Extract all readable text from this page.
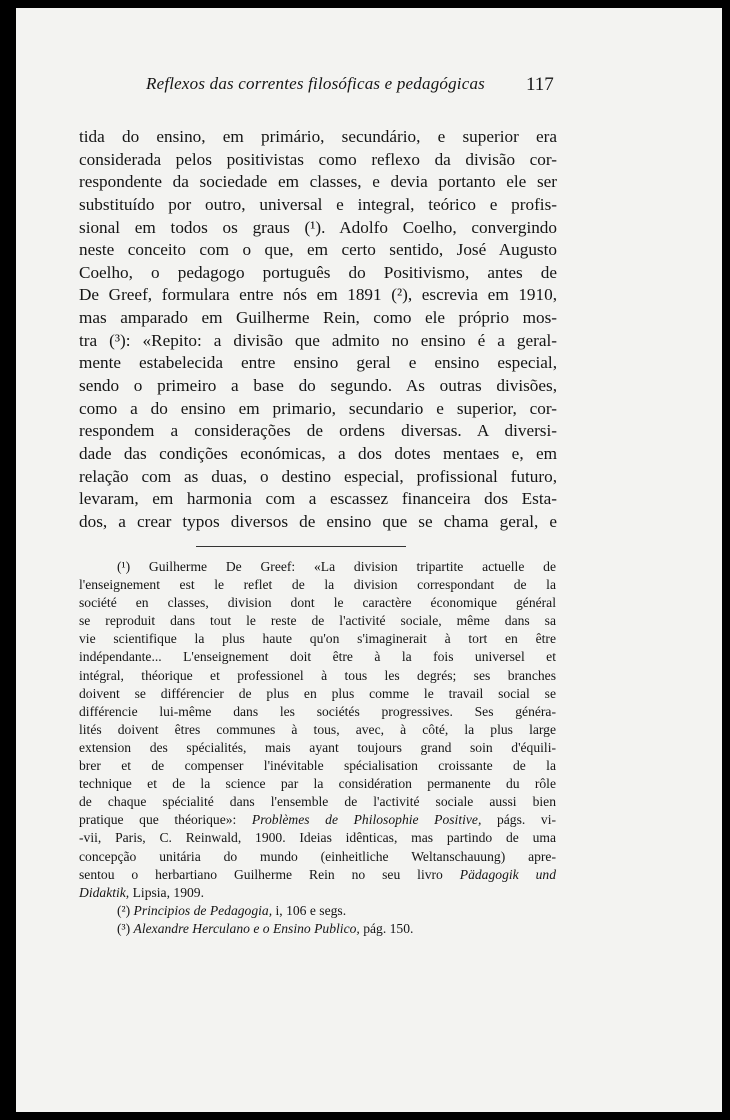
Reflexos das correntes filosóficas e pedagógicas 117
tida do ensino, em primário, secundário, e superior era
considerada pelos positivistas como reflexo da divisão cor-
respondente da sociedade em classes, e devia portanto ele ser
substituído por outro, universal e integral, teórico e profis-
sional em todos os graus (¹). Adolfo Coelho, convergindo
neste conceito com o que, em certo sentido, José Augusto
Coelho, o pedagogo português do Positivismo, antes de
De Greef, formulara entre nós em 1891 (²), escrevia em 1910,
mas amparado em Guilherme Rein, como ele próprio mos-
tra (³): «Repito: a divisão que admito no ensino é a geral-
mente estabelecida entre ensino geral e ensino especial,
sendo o primeiro a base do segundo. As outras divisões,
como a do ensino em primario, secundario e superior, cor-
respondem a considerações de ordens diversas. A diversi-
dade das condições económicas, a dos dotes mentaes e, em
relação com as duas, o destino especial, profissional futuro,
levaram, em harmonia com a escassez financeira dos Esta-
dos, a crear typos diversos de ensino que se chama geral, e
(¹) Guilherme De Greef: «La division tripartite actuelle de
l'enseignement est le reflet de la division correspondant de la
société en classes, division dont le caractère économique général
se reproduit dans tout le reste de l'activité sociale, même dans sa
vie scientifique la plus haute qu'on s'imaginerait à tort en être
indépendante... L'enseignement doit être à la fois universel et
intégral, théorique et professionel à tous les degrés; ses branches
doivent se différencier de plus en plus comme le travail social se
différencie lui-même dans les sociétés progressives. Ses généra-
lités doivent êtres communes à tous, avec, à côté, la plus large
extension des spécialités, mais ayant toujours grand soin d'équili-
brer et de compenser l'inévitable spécialisation croissante de la
technique et de la science par la considération permanente du rôle
de chaque spécialité dans l'ensemble de l'activité sociale aussi bien
pratique que théorique»: Problèmes de Philosophie Positive, págs. vi-
-vii, Paris, C. Reinwald, 1900. Ideias idênticas, mas partindo de uma
concepção unitária do mundo (einheitliche Weltanschauung) apre-
sentou o herbartiano Guilherme Rein no seu livro Pädagogik und
Didaktik, Lipsia, 1909.
(²) Principios de Pedagogia, i, 106 e segs.
(³) Alexandre Herculano e o Ensino Publico, pág. 150.
